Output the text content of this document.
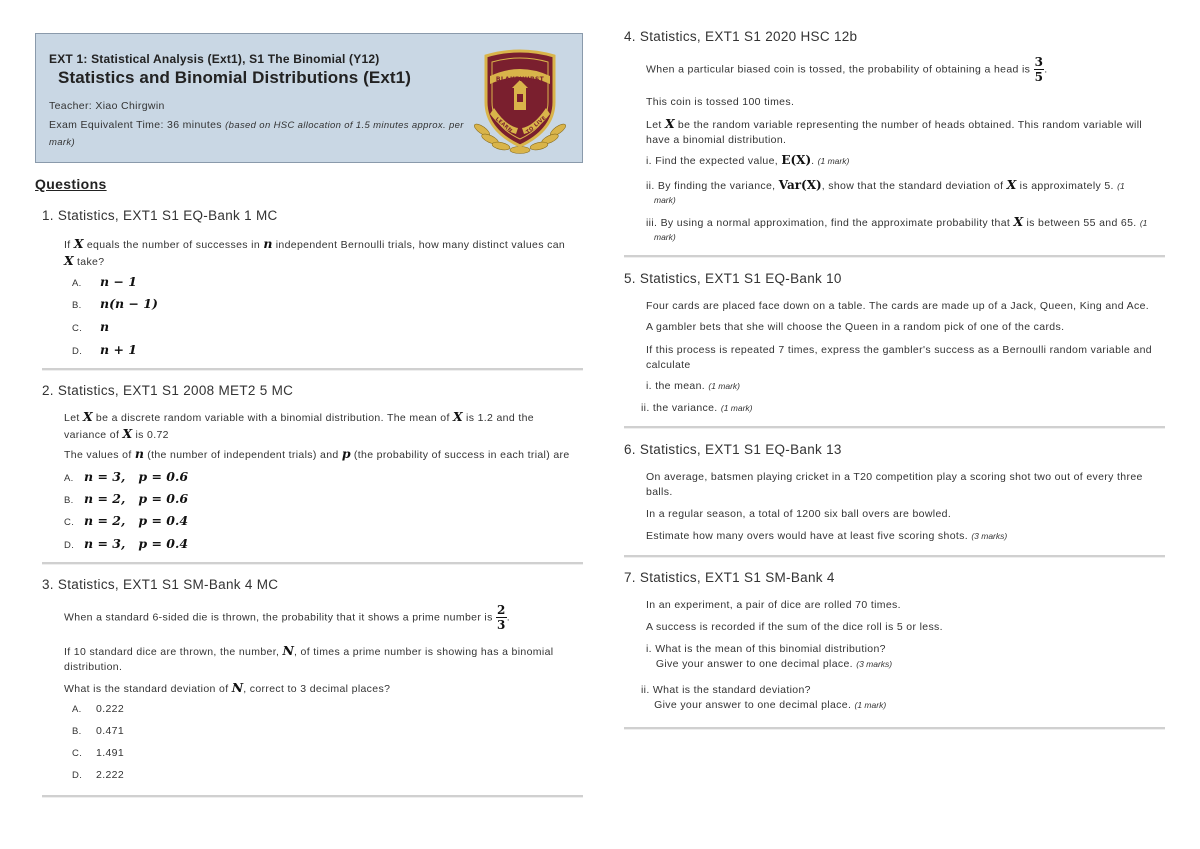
EXT 1: Statistical Analysis (Ext1), S1 The Binomial (Y12)
Statistics and Binomial Distributions (Ext1)
Teacher: Xiao Chirgwin
Exam Equivalent Time: 36 minutes (based on HSC allocation of 1.5 minutes approx. per mark)
BLAKEHURST
LEARN TO LIVE
Questions
1. Statistics, EXT1 S1 EQ-Bank 1 MC
If X equals the number of successes in n independent Bernoulli trials, how many distinct values can
X take?
A. n − 1
B. n(n − 1)
C. n
D. n + 1
2. Statistics, EXT1 S1 2008 MET2 5 MC
Let X be a discrete random variable with a binomial distribution. The mean of X is 1.2 and the
variance of X is 0.72
The values of n (the number of independent trials) and p (the probability of success in each trial) are
A. n = 3,   p = 0.6
B. n = 2,   p = 0.6
C. n = 2,   p = 0.4
D. n = 3,   p = 0.4
3. Statistics, EXT1 S1 SM-Bank 4 MC
When a standard 6-sided die is thrown, the probability that it shows a prime number is $\frac{2}{3}$ .
If 10 standard dice are thrown, the number, N, of times a prime number is showing has a binomial
distribution.
What is the standard deviation of N, correct to 3 decimal places?
A. 0.222
B. 0.471
C. 1.491
D. 2.222
4. Statistics, EXT1 S1 2020 HSC 12b
When a particular biased coin is tossed, the probability of obtaining a head is $\frac{3}{5}$ .
This coin is tossed 100 times.
Let X be the random variable representing the number of heads obtained. This random variable will
have a binomial distribution.
i. Find the expected value, E(X). (1 mark)
ii. By finding the variance, Var(X), show that the standard deviation of X is approximately 5. (1
mark)
iii. By using a normal approximation, find the approximate probability that X is between 55 and 65. (1
mark)
5. Statistics, EXT1 S1 EQ-Bank 10
Four cards are placed face down on a table. The cards are made up of a Jack, Queen, King and Ace.
A gambler bets that she will choose the Queen in a random pick of one of the cards.
If this process is repeated 7 times, express the gambler's success as a Bernoulli random variable and
calculate
i. the mean. (1 mark)
ii. the variance. (1 mark)
6. Statistics, EXT1 S1 EQ-Bank 13
On average, batsmen playing cricket in a T20 competition play a scoring shot two out of every three
balls.
In a regular season, a total of 1200 six ball overs are bowled.
Estimate how many overs would have at least five scoring shots. (3 marks)
7. Statistics, EXT1 S1 SM-Bank 4
In an experiment, a pair of dice are rolled 70 times.
A success is recorded if the sum of the dice roll is 5 or less.
i. What is the mean of this binomial distribution?
Give your answer to one decimal place. (3 marks)
ii. What is the standard deviation?
Give your answer to one decimal place. (1 mark)
